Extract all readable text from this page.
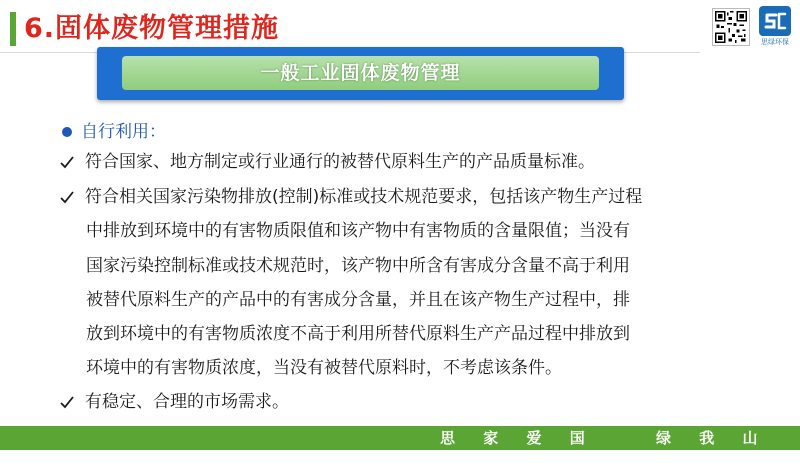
6.固体废物管理措施	思绿环保
一般工业固体废物管理
自行利用：
符合国家、地方制定或行业通行的被替代原料生产的产品质量标准。
符合相关国家污染物排放(控制)标准或技术规范要求，包括该产物生产过程
中排放到环境中的有害物质限值和该产物中有害物质的含量限值；当没有
国家污染控制标准或技术规范时，该产物中所含有害成分含量不高于利用
被替代原料生产的产品中的有害成分含量，并且在该产物生产过程中，排
放到环境中的有害物质浓度不高于利用所替代原料生产产品过程中排放到
环境中的有害物质浓度，当没有被替代原料时，不考虑该条件。
有稳定、合理的市场需求。
思 家 爱 国	绿 我 山 河
